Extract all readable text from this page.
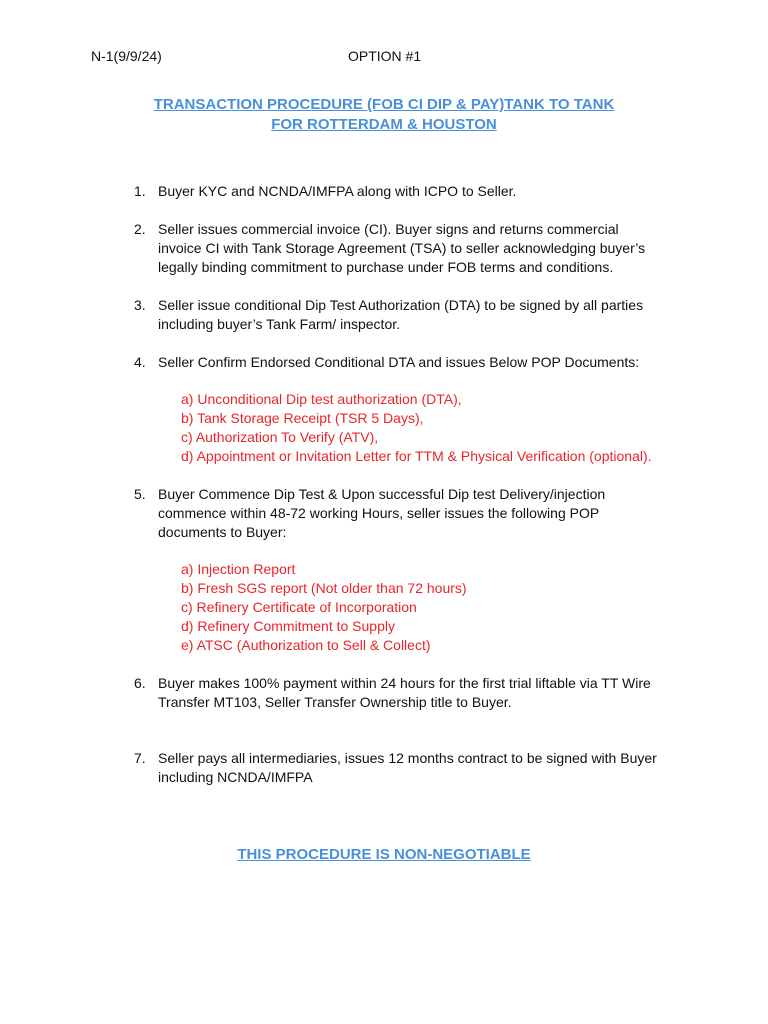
N-1(9/9/24)	OPTION #1
TRANSACTION PROCEDURE (FOB CI DIP & PAY)TANK TO TANK
FOR ROTTERDAM & HOUSTON
1. Buyer KYC and NCNDA/IMFPA along with ICPO to Seller.
2. Seller issues commercial invoice (CI). Buyer signs and returns commercial
invoice CI with Tank Storage Agreement (TSA) to seller acknowledging buyer’s
legally binding commitment to purchase under FOB terms and conditions.
3. Seller issue conditional Dip Test Authorization (DTA) to be signed by all parties
including buyer’s Tank Farm/ inspector.
4. Seller Confirm Endorsed Conditional DTA and issues Below POP Documents:
a) Unconditional Dip test authorization (DTA),
b) Tank Storage Receipt (TSR 5 Days),
c) Authorization To Verify (ATV),
d) Appointment or Invitation Letter for TTM & Physical Verification (optional).
5. Buyer Commence Dip Test & Upon successful Dip test Delivery/injection
commence within 48-72 working Hours, seller issues the following POP
documents to Buyer:
a) Injection Report
b) Fresh SGS report (Not older than 72 hours)
c) Refinery Certificate of Incorporation
d) Refinery Commitment to Supply
e) ATSC (Authorization to Sell & Collect)
6. Buyer makes 100% payment within 24 hours for the first trial liftable via TT Wire
Transfer MT103, Seller Transfer Ownership title to Buyer.
7. Seller pays all intermediaries, issues 12 months contract to be signed with Buyer
including NCNDA/IMFPA
THIS PROCEDURE IS NON-NEGOTIABLE
